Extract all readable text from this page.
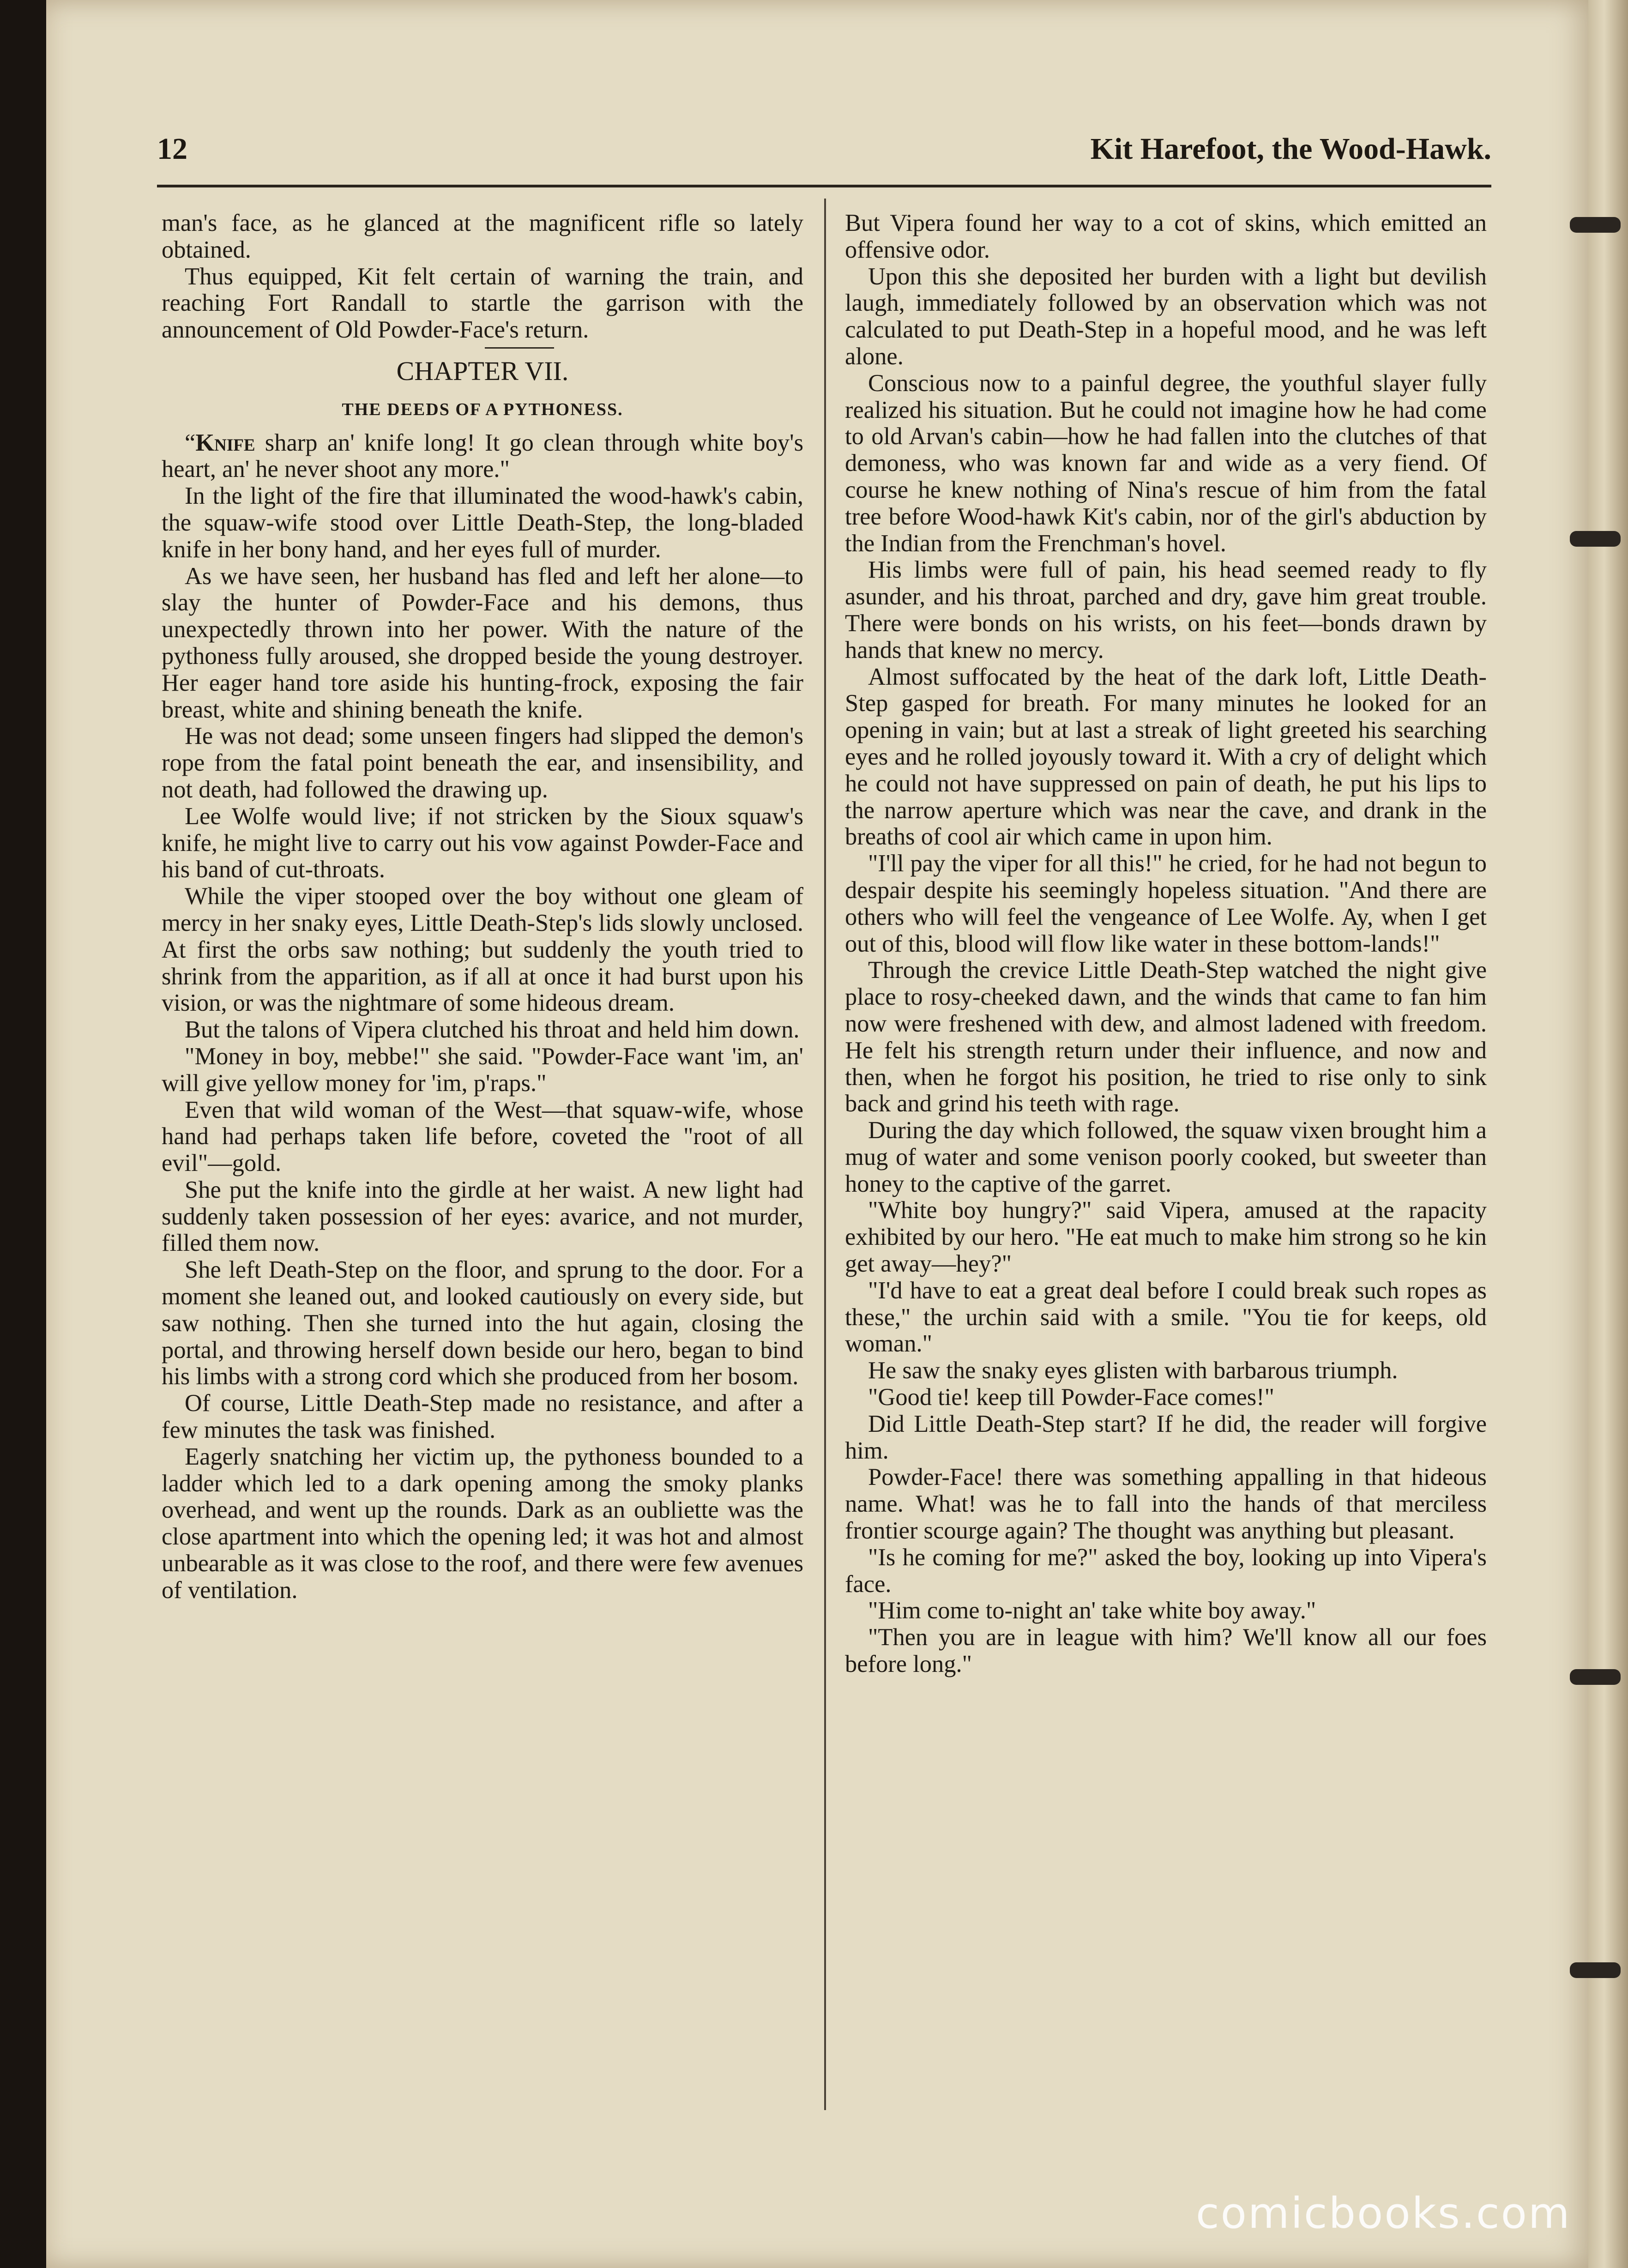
12	Kit Harefoot, the Wood-Hawk.

man's face, as he glanced at the magnificent rifle so lately obtained.

Thus equipped, Kit felt certain of warning the train, and reaching Fort Randall to startle the garrison with the announcement of Old Powder-Face's return.

CHAPTER VII.
THE DEEDS OF A PYTHONESS.

“Knife sharp an' knife long! It go clean through white boy's heart, an' he never shoot any more."

In the light of the fire that illuminated the wood-hawk's cabin, the squaw-wife stood over Little Death-Step, the long-bladed knife in her bony hand, and her eyes full of murder.

As we have seen, her husband has fled and left her alone—to slay the hunter of Powder-Face and his demons, thus unexpectedly thrown into her power. With the nature of the pythoness fully aroused, she dropped beside the young destroyer. Her eager hand tore aside his hunting-frock, exposing the fair breast, white and shining beneath the knife.

He was not dead; some unseen fingers had slipped the demon's rope from the fatal point beneath the ear, and insensibility, and not death, had followed the drawing up.

Lee Wolfe would live; if not stricken by the Sioux squaw's knife, he might live to carry out his vow against Powder-Face and his band of cut-throats.

While the viper stooped over the boy without one gleam of mercy in her snaky eyes, Little Death-Step's lids slowly unclosed. At first the orbs saw nothing; but suddenly the youth tried to shrink from the apparition, as if all at once it had burst upon his vision, or was the nightmare of some hideous dream.

But the talons of Vipera clutched his throat and held him down.

"Money in boy, mebbe!" she said. "Powder-Face want 'im, an' will give yellow money for 'im, p'raps."

Even that wild woman of the West—that squaw-wife, whose hand had perhaps taken life before, coveted the "root of all evil"—gold.

She put the knife into the girdle at her waist. A new light had suddenly taken possession of her eyes: avarice, and not murder, filled them now.

She left Death-Step on the floor, and sprung to the door. For a moment she leaned out, and looked cautiously on every side, but saw nothing. Then she turned into the hut again, closing the portal, and throwing herself down beside our hero, began to bind his limbs with a strong cord which she produced from her bosom.

Of course, Little Death-Step made no resistance, and after a few minutes the task was finished.

Eagerly snatching her victim up, the pythoness bounded to a ladder which led to a dark opening among the smoky planks overhead, and went up the rounds. Dark as an oubliette was the close apartment into which the opening led; it was hot and almost unbearable as it was close to the roof, and there were few avenues of ventilation.

But Vipera found her way to a cot of skins, which emitted an offensive odor.

Upon this she deposited her burden with a light but devilish laugh, immediately followed by an observation which was not calculated to put Death-Step in a hopeful mood, and he was left alone.

Conscious now to a painful degree, the youthful slayer fully realized his situation. But he could not imagine how he had come to old Arvan's cabin—how he had fallen into the clutches of that demoness, who was known far and wide as a very fiend. Of course he knew nothing of Nina's rescue of him from the fatal tree before Wood-hawk Kit's cabin, nor of the girl's abduction by the Indian from the Frenchman's hovel.

His limbs were full of pain, his head seemed ready to fly asunder, and his throat, parched and dry, gave him great trouble. There were bonds on his wrists, on his feet—bonds drawn by hands that knew no mercy.

Almost suffocated by the heat of the dark loft, Little Death-Step gasped for breath. For many minutes he looked for an opening in vain; but at last a streak of light greeted his searching eyes and he rolled joyously toward it. With a cry of delight which he could not have suppressed on pain of death, he put his lips to the narrow aperture which was near the cave, and drank in the breaths of cool air which came in upon him.

"I'll pay the viper for all this!" he cried, for he had not begun to despair despite his seemingly hopeless situation. "And there are others who will feel the vengeance of Lee Wolfe. Ay, when I get out of this, blood will flow like water in these bottom-lands!"

Through the crevice Little Death-Step watched the night give place to rosy-cheeked dawn, and the winds that came to fan him now were freshened with dew, and almost ladened with freedom. He felt his strength return under their influence, and now and then, when he forgot his position, he tried to rise only to sink back and grind his teeth with rage.

During the day which followed, the squaw vixen brought him a mug of water and some venison poorly cooked, but sweeter than honey to the captive of the garret.

"White boy hungry?" said Vipera, amused at the rapacity exhibited by our hero. "He eat much to make him strong so he kin get away—hey?"

"I'd have to eat a great deal before I could break such ropes as these," the urchin said with a smile. "You tie for keeps, old woman."

He saw the snaky eyes glisten with barbarous triumph.

"Good tie! keep till Powder-Face comes!"

Did Little Death-Step start? If he did, the reader will forgive him.

Powder-Face! there was something appalling in that hideous name. What! was he to fall into the hands of that merciless frontier scourge again? The thought was anything but pleasant.

"Is he coming for me?" asked the boy, looking up into Vipera's face.

"Him come to-night an' take white boy away."

"Then you are in league with him? We'll know all our foes before long."

comicbooks.com
